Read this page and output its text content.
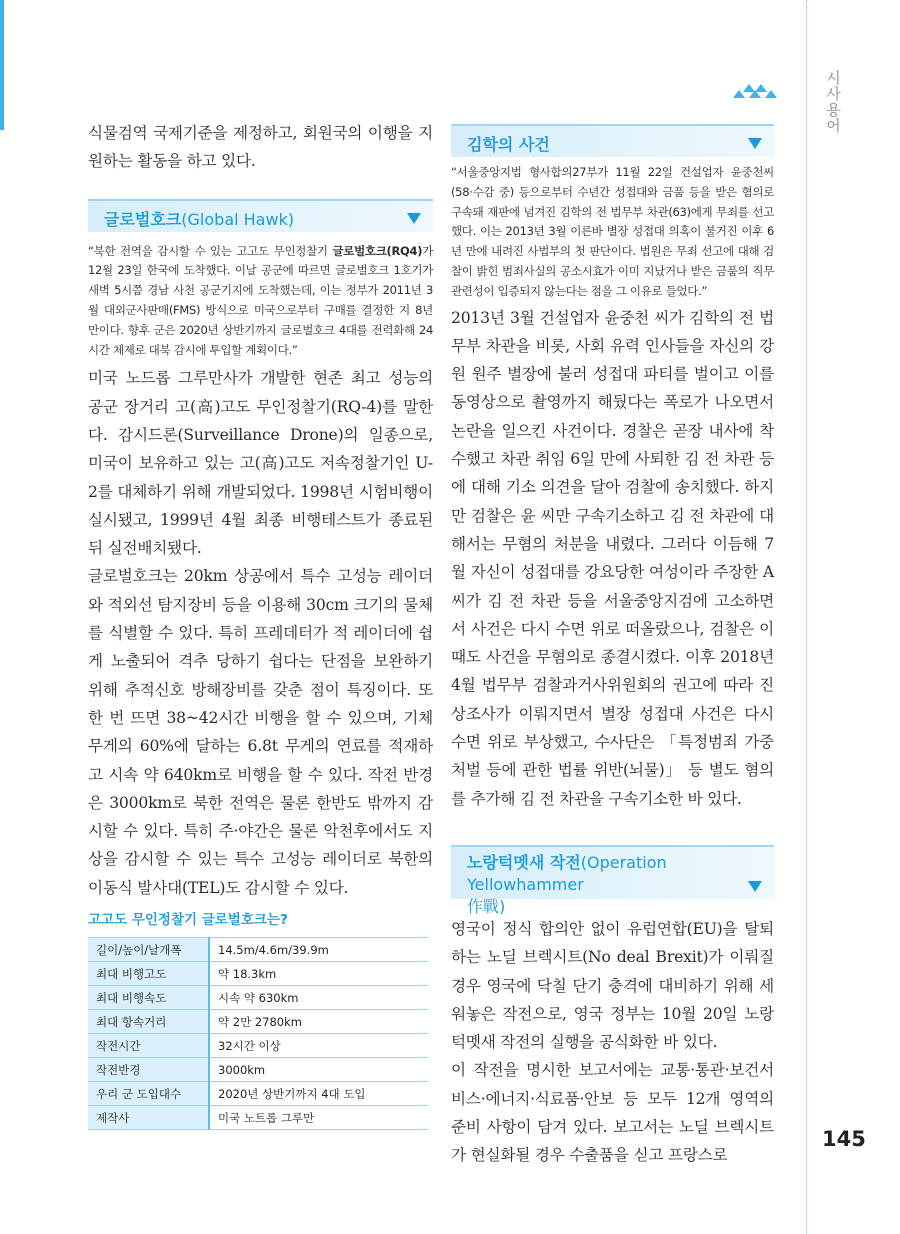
시사용어

식물검역 국제기준을 제정하고, 회원국의 이행을 지원하는 활동을 하고 있다.

글로벌호크(Global Hawk)

“북한 전역을 감시할 수 있는 고고도 무인정찰기 글로벌호크(RQ4)가 12월 23일 한국에 도착했다. 이날 공군에 따르면 글로벌호크 1호기가 새벽 5시쯤 경남 사천 공군기지에 도착했는데, 이는 정부가 2011년 3월 대외군사판매(FMS) 방식으로 미국으로부터 구매를 결정한 지 8년 만이다. 향후 군은 2020년 상반기까지 글로벌호크 4대를 전력화해 24시간 체제로 대북 감시에 투입할 계획이다.”

미국 노드롭 그루만사가 개발한 현존 최고 성능의 공군 장거리 고(高)고도 무인정찰기(RQ-4)를 말한다. 감시드론(Surveillance Drone)의 일종으로, 미국이 보유하고 있는 고(高)고도 저속정찰기인 U-2를 대체하기 위해 개발되었다. 1998년 시험비행이 실시됐고, 1999년 4월 최종 비행테스트가 종료된 뒤 실전배치됐다.

글로벌호크는 20km 상공에서 특수 고성능 레이더와 적외선 탐지장비 등을 이용해 30cm 크기의 물체를 식별할 수 있다. 특히 프레데터가 적 레이더에 쉽게 노출되어 격추 당하기 쉽다는 단점을 보완하기 위해 추적신호 방해장비를 갖춘 점이 특징이다. 또 한 번 뜨면 38~42시간 비행을 할 수 있으며, 기체 무게의 60%에 달하는 6.8t 무게의 연료를 적재하고 시속 약 640km로 비행을 할 수 있다. 작전 반경은 3000km로 북한 전역은 물론 한반도 밖까지 감시할 수 있다. 특히 주·야간은 물론 악천후에서도 지상을 감시할 수 있는 특수 고성능 레이더로 북한의 이동식 발사대(TEL)도 감시할 수 있다.

고고도 무인정찰기 글로벌호크는?

길이/높이/날개폭	14.5m/4.6m/39.9m
최대 비행고도	약 18.3km
최대 비행속도	시속 약 630km
최대 항속거리	약 2만 2780km
작전시간	32시간 이상
작전반경	3000km
우리 군 도입대수	2020년 상반기까지 4대 도입
제작사	미국 노트롭 그루만
김학의 사건

“서울중앙지법 형사합의27부가 11월 22일 건설업자 윤중천씨(58·수감 중) 등으로부터 수년간 성접대와 금품 등을 받은 혐의로 구속돼 재판에 넘겨진 김학의 전 법무부 차관(63)에게 무죄를 선고했다. 이는 2013년 3월 이른바 별장 성접대 의혹이 불거진 이후 6년 만에 내려진 사법부의 첫 판단이다. 법원은 무죄 선고에 대해 검찰이 밝힌 범죄사실의 공소시효가 이미 지났거나 받은 금품의 직무 관련성이 입증되지 않는다는 점을 그 이유로 들었다.”

2013년 3월 건설업자 윤중천 씨가 김학의 전 법무부 차관을 비롯, 사회 유력 인사들을 자신의 강원 원주 별장에 불러 성접대 파티를 벌이고 이를 동영상으로 촬영까지 해뒀다는 폭로가 나오면서 논란을 일으킨 사건이다. 경찰은 곧장 내사에 착수했고 차관 취임 6일 만에 사퇴한 김 전 차관 등에 대해 기소 의견을 달아 검찰에 송치했다. 하지만 검찰은 윤 씨만 구속기소하고 김 전 차관에 대해서는 무혐의 처분을 내렸다. 그러다 이듬해 7월 자신이 성접대를 강요당한 여성이라 주장한 A씨가 김 전 차관 등을 서울중앙지검에 고소하면서 사건은 다시 수면 위로 떠올랐으나, 검찰은 이때도 사건을 무혐의로 종결시켰다. 이후 2018년 4월 법무부 검찰과거사위원회의 권고에 따라 진상조사가 이뤄지면서 별장 성접대 사건은 다시 수면 위로 부상했고, 수사단은 「특정범죄 가중처벌 등에 관한 법률 위반(뇌물)」 등 별도 혐의를 추가해 김 전 차관을 구속기소한 바 있다.

노랑턱멧새 작전(Operation Yellowhammer
作戰)

영국이 정식 합의안 없이 유럽연합(EU)을 탈퇴하는 노딜 브렉시트(No deal Brexit)가 이뤄질 경우 영국에 닥칠 단기 충격에 대비하기 위해 세워놓은 작전으로, 영국 정부는 10월 20일 노랑턱멧새 작전의 실행을 공식화한 바 있다.

이 작전을 명시한 보고서에는 교통·통관·보건서비스·에너지·식료품·안보 등 모두 12개 영역의 준비 사항이 담겨 있다. 보고서는 노딜 브렉시트가 현실화될 경우 수출품을 싣고 프랑스로

145
